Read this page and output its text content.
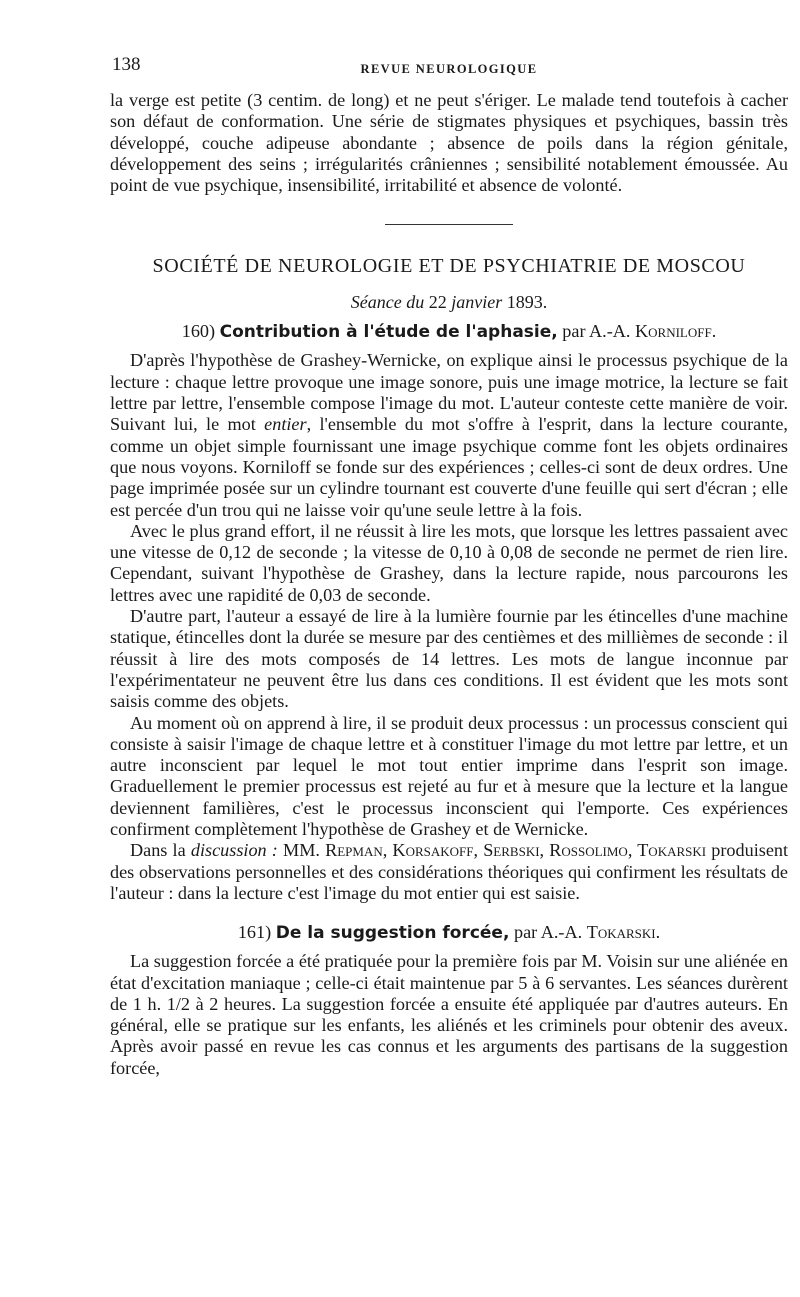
138	REVUE NEUROLOGIQUE

la verge est petite (3 centim. de long) et ne peut s'ériger. Le malade tend toutefois à cacher son défaut de conformation. Une série de stigmates physiques et psychiques, bassin très développé, couche adipeuse abondante ; absence de poils dans la région génitale, développement des seins ; irrégularités crâniennes ; sensibilité notablement émoussée. Au point de vue psychique, insensibilité, irritabilité et absence de volonté.

SOCIÉTÉ DE NEUROLOGIE ET DE PSYCHIATRIE DE MOSCOU
Séance du 22 janvier 1893.
160) Contribution à l'étude de l'aphasie, par A.-A. Korniloff.

D'après l'hypothèse de Grashey-Wernicke, on explique ainsi le processus psychique de la lecture : chaque lettre provoque une image sonore, puis une image motrice, la lecture se fait lettre par lettre, l'ensemble compose l'image du mot. L'auteur conteste cette manière de voir. Suivant lui, le mot entier, l'ensemble du mot s'offre à l'esprit, dans la lecture courante, comme un objet simple fournissant une image psychique comme font les objets ordinaires que nous voyons. Korniloff se fonde sur des expériences ; celles-ci sont de deux ordres. Une page imprimée posée sur un cylindre tournant est couverte d'une feuille qui sert d'écran ; elle est percée d'un trou qui ne laisse voir qu'une seule lettre à la fois.

Avec le plus grand effort, il ne réussit à lire les mots, que lorsque les lettres passaient avec une vitesse de 0,12 de seconde ; la vitesse de 0,10 à 0,08 de seconde ne permet de rien lire. Cependant, suivant l'hypothèse de Grashey, dans la lecture rapide, nous parcourons les lettres avec une rapidité de 0,03 de seconde.

D'autre part, l'auteur a essayé de lire à la lumière fournie par les étincelles d'une machine statique, étincelles dont la durée se mesure par des centièmes et des millièmes de seconde : il réussit à lire des mots composés de 14 lettres. Les mots de langue inconnue par l'expérimentateur ne peuvent être lus dans ces conditions. Il est évident que les mots sont saisis comme des objets.

Au moment où on apprend à lire, il se produit deux processus : un processus conscient qui consiste à saisir l'image de chaque lettre et à constituer l'image du mot lettre par lettre, et un autre inconscient par lequel le mot tout entier imprime dans l'esprit son image. Graduellement le premier processus est rejeté au fur et à mesure que la lecture et la langue deviennent familières, c'est le processus inconscient qui l'emporte. Ces expériences confirment complètement l'hypothèse de Grashey et de Wernicke.

Dans la discussion : MM. Repman, Korsakoff, Serbski, Rossolimo, Tokarski produisent des observations personnelles et des considérations théoriques qui confirment les résultats de l'auteur : dans la lecture c'est l'image du mot entier qui est saisie.

161) De la suggestion forcée, par A.-A. Tokarski.

La suggestion forcée a été pratiquée pour la première fois par M. Voisin sur une aliénée en état d'excitation maniaque ; celle-ci était maintenue par 5 à 6 servantes. Les séances durèrent de 1 h. 1/2 à 2 heures. La suggestion forcée a ensuite été appliquée par d'autres auteurs. En général, elle se pratique sur les enfants, les aliénés et les criminels pour obtenir des aveux. Après avoir passé en revue les cas connus et les arguments des partisans de la suggestion forcée,
